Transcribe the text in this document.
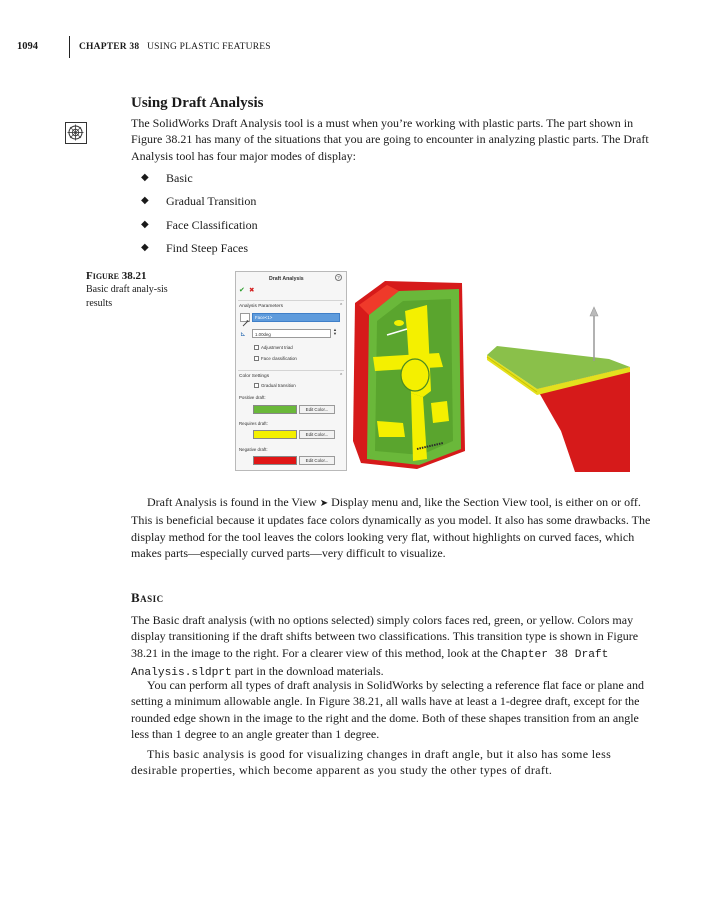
1094	CHAPTER 38 USING PLASTIC FEATURES
Using Draft Analysis

The SolidWorks Draft Analysis tool is a must when you’re working with plastic parts. The part shown in Figure 38.21 has many of the situations that you are going to encounter in analyzing plastic parts. The Draft Analysis tool has four major modes of display:

◆	Basic
◆	Gradual Transition
◆	Face Classification
◆	Find Steep Faces
Figure 38.21
Basic draft analy-sis results
Draft Analysis	?
✔ ✖
Analysis Parameters	⌃
Face<1>
⊾ 1.00deg
▲
▼
Adjustment triad
Face classification
Color Settings	⌃
Gradual transition
Positive draft:
Edit Color...
Requires draft:
Edit Color...
Negative draft:
Edit Color...

Draft Analysis is found in the View ➤ Display menu and, like the Section View tool, is either on or off. This is beneficial because it updates face colors dynamically as you model. It also has some drawbacks. The display method for the tool leaves the colors looking very flat, without highlights on curved faces, which makes parts—especially curved parts—very difficult to visualize.

Basic

The Basic draft analysis (with no options selected) simply colors faces red, green, or yellow. Colors may display transitioning if the draft shifts between two classifications. This transition type is shown in Figure 38.21 in the image to the right. For a clearer view of this method, look at the Chapter 38 Draft Analysis.sldprt part in the download materials.

You can perform all types of draft analysis in SolidWorks by selecting a reference flat face or plane and setting a minimum allowable angle. In Figure 38.21, all walls have at least a 1-degree draft, except for the rounded edge shown in the image to the right and the dome. Both of these shapes transition from an angle less than 1 degree to an angle greater than 1 degree.

This basic analysis is good for visualizing changes in draft angle, but it also has some less desirable properties, which become apparent as you study the other types of draft.
